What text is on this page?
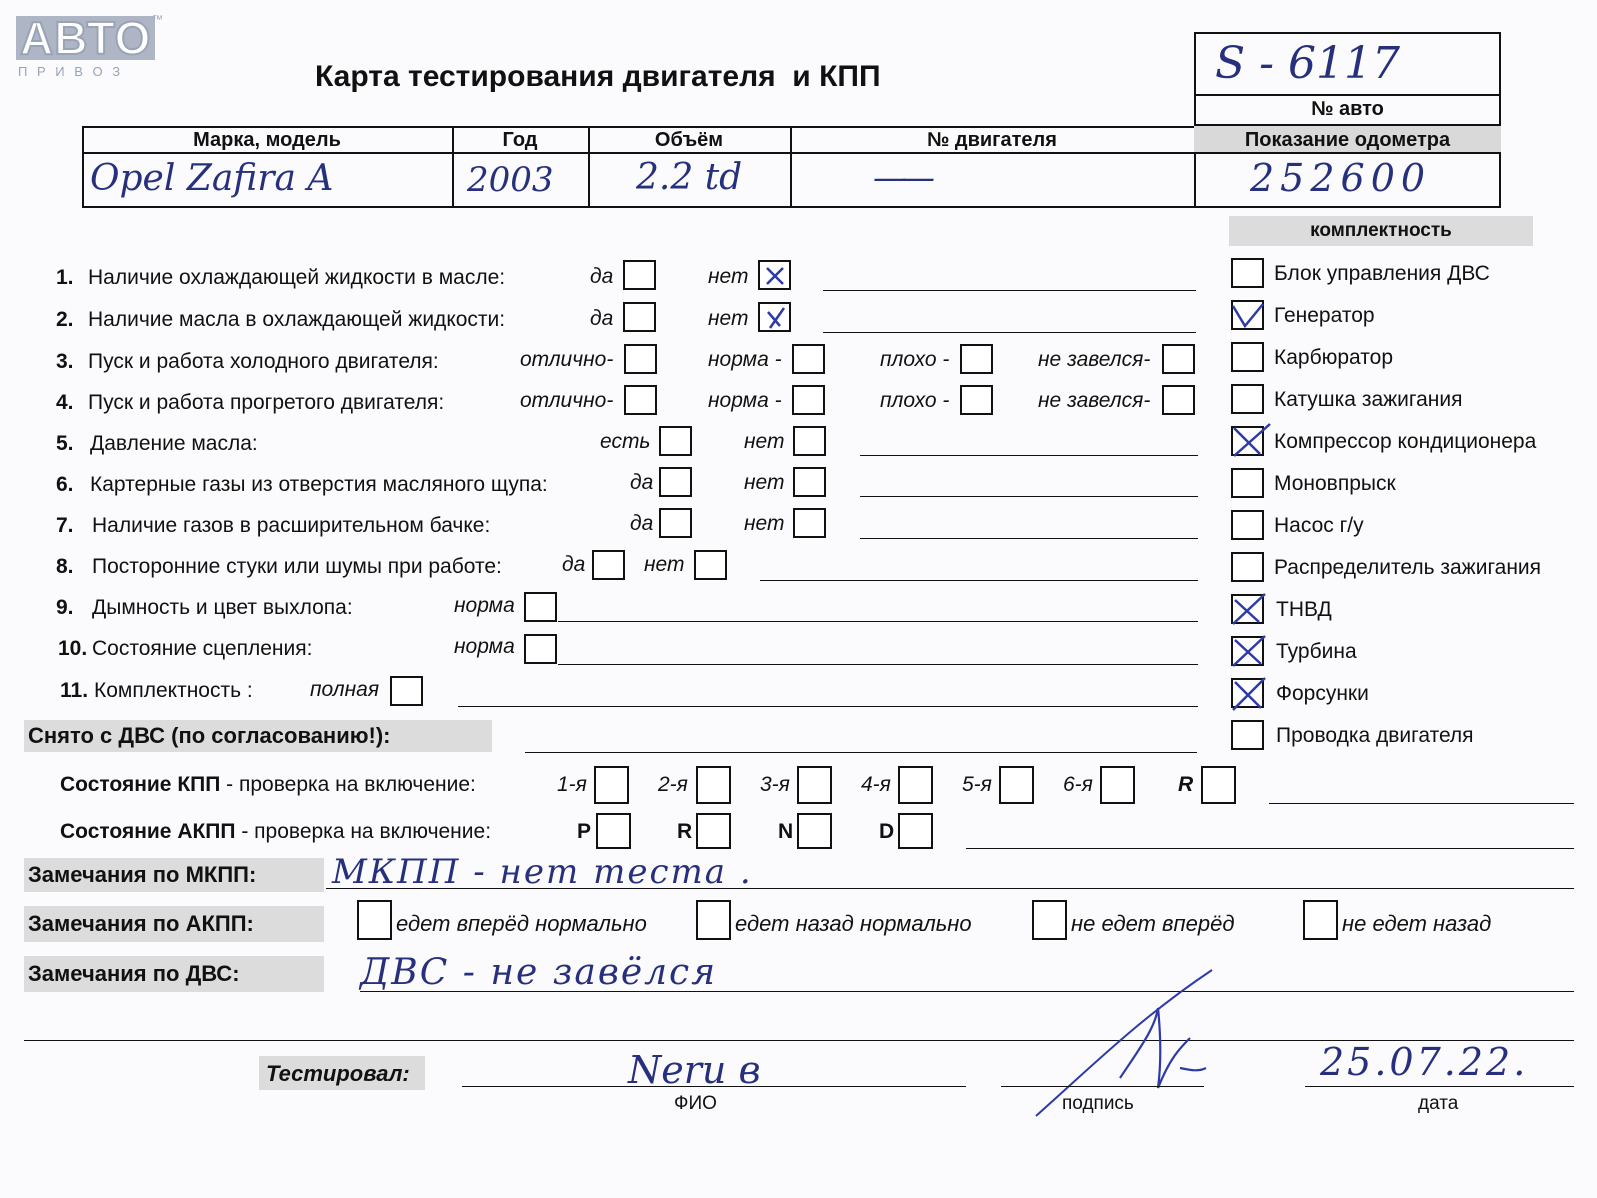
АВТО ™
П Р И В О З	Карта тестирования двигателя  и КПП	S - 6117
№ авто
Марка, модель	Год	Объём	№ двигателя	Показание одометра
Opel Zafira A	2003 2.2 td	——	252600
комплектность
Блок управления ДВС
Генератор
Карбюратор
Катушка зажигания
Компрессор кондиционера
Моновпрыск
Насос г/у
Распределитель зажигания
ТНВД
Турбина
Форсунки
Проводка двигателя
1. Наличие охлаждающей жидкости в масле:	да	нет
2. Наличие масла в охлаждающей жидкости:	да	нет
3. Пуск и работа холодного двигателя:	отлично-	норма -	плохо -	не завелся-
4. Пуск и работа прогретого двигателя:	отлично-	норма -	плохо -	не завелся-
5. Давление масла:	есть	нет
6. Картерные газы из отверстия масляного щупа:	да	нет
7. Наличие газов в расширительном бачке:	да	нет
8. Посторонние стуки или шумы при работе:	да	нет
9. Дымность и цвет выхлопа:	норма
10. Состояние сцепления:	норма
11. Комплектность :	полная
Снято с ДВС (по согласованию!):
Состояние КПП - проверка на включение:	1-я	2-я	3-я	4-я	5-я	6-я	R
Состояние АКПП - проверка на включение:	P	R	N	D
Замечания по МКПП: МКПП - нет теста .
Замечания по АКПП:	едет вперёд нормально	едет назад нормально	не едет вперёд	не едет назад
Замечания по ДВС:	ДВС - не завёлся
Тестировал:	Neru в
ФИО	подпись
25.07.22.
дата
